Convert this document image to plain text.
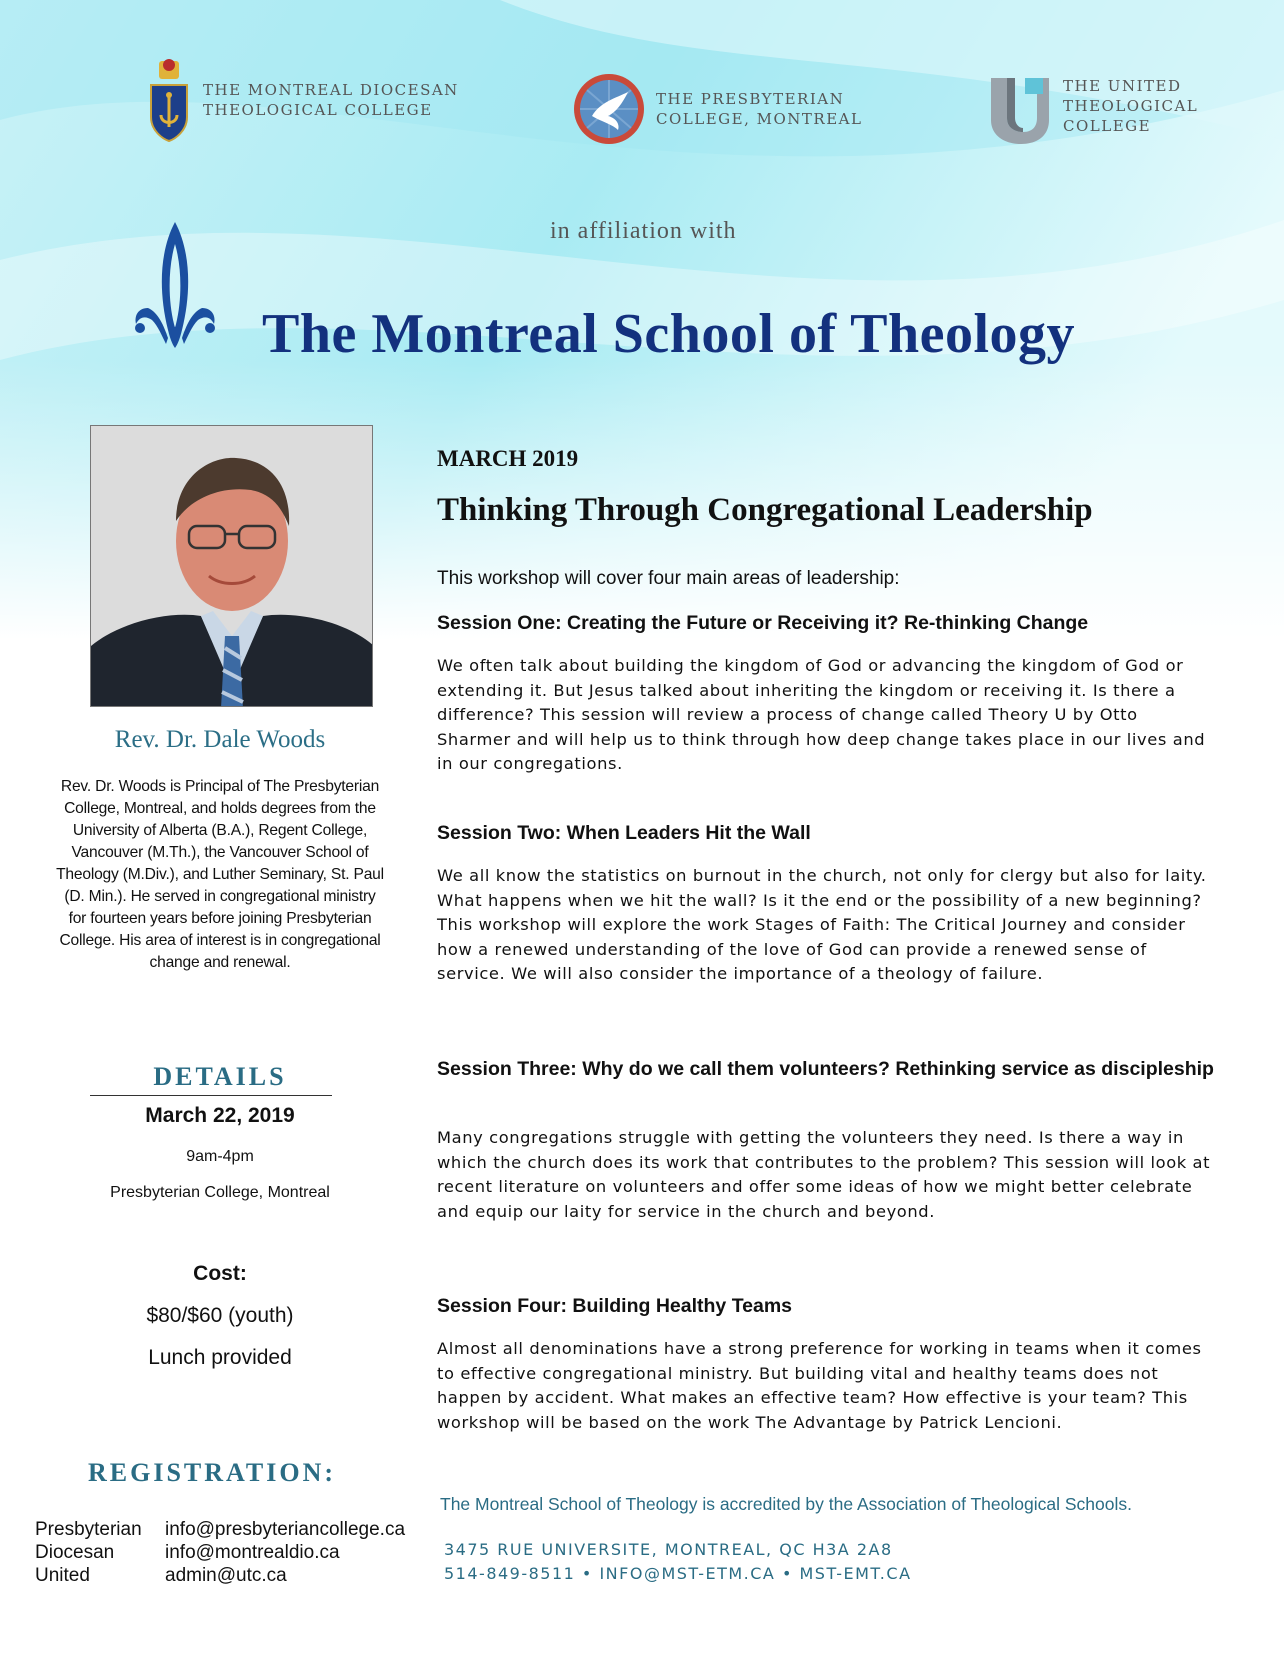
THE MONTREAL DIOCESAN
THEOLOGICAL COLLEGE
THE PRESBYTERIAN
COLLEGE, MONTREAL
THE UNITED
THEOLOGICAL
COLLEGE
in affiliation with
The Montreal School of Theology
Rev. Dr. Dale Woods
Rev. Dr. Woods is Principal of The Presbyterian College, Montreal, and holds degrees from the University of Alberta (B.A.), Regent College, Vancouver (M.Th.), the Vancouver School of Theology (M.Div.), and Luther Seminary, St. Paul (D. Min.). He served in congregational ministry for fourteen years before joining Presbyterian College. His area of interest is in congregational change and renewal.
DETAILS
March 22, 2019
9am-4pm
Presbyterian College, Montreal
Cost:
$80/$60 (youth)
Lunch provided
REGISTRATION:
Presbyterian	info@presbyteriancollege.ca
Diocesan	info@montrealdio.ca
United	admin@utc.ca
MARCH 2019
Thinking Through Congregational Leadership
This workshop will cover four main areas of leadership:
Session One: Creating the Future or Receiving it? Re-thinking Change
We often talk about building the kingdom of God or advancing the kingdom of God or extending it. But Jesus talked about inheriting the kingdom or receiving it. Is there a difference? This session will review a process of change called Theory U by Otto Sharmer and will help us to think through how deep change takes place in our lives and in our congregations.
Session Two: When Leaders Hit the Wall
We all know the statistics on burnout in the church, not only for clergy but also for laity. What happens when we hit the wall? Is it the end or the possibility of a new beginning? This workshop will explore the work Stages of Faith: The Critical Journey and consider how a renewed understanding of the love of God can provide a renewed sense of service. We will also consider the importance of a theology of failure.
Session Three: Why do we call them volunteers? Rethinking service as discipleship
Many congregations struggle with getting the volunteers they need. Is there a way in which the church does its work that contributes to the problem? This session will look at recent literature on volunteers and offer some ideas of how we might better celebrate and equip our laity for service in the church and beyond.
Session Four: Building Healthy Teams
Almost all denominations have a strong preference for working in teams when it comes to effective congregational ministry. But building vital and healthy teams does not happen by accident. What makes an effective team? How effective is your team? This workshop will be based on the work The Advantage by Patrick Lencioni.
The Montreal School of Theology is accredited by the Association of Theological Schools.
3475 RUE UNIVERSITE, MONTREAL, QC H3A 2A8
514-849-8511 • INFO@MST-ETM.CA • MST-EMT.CA
